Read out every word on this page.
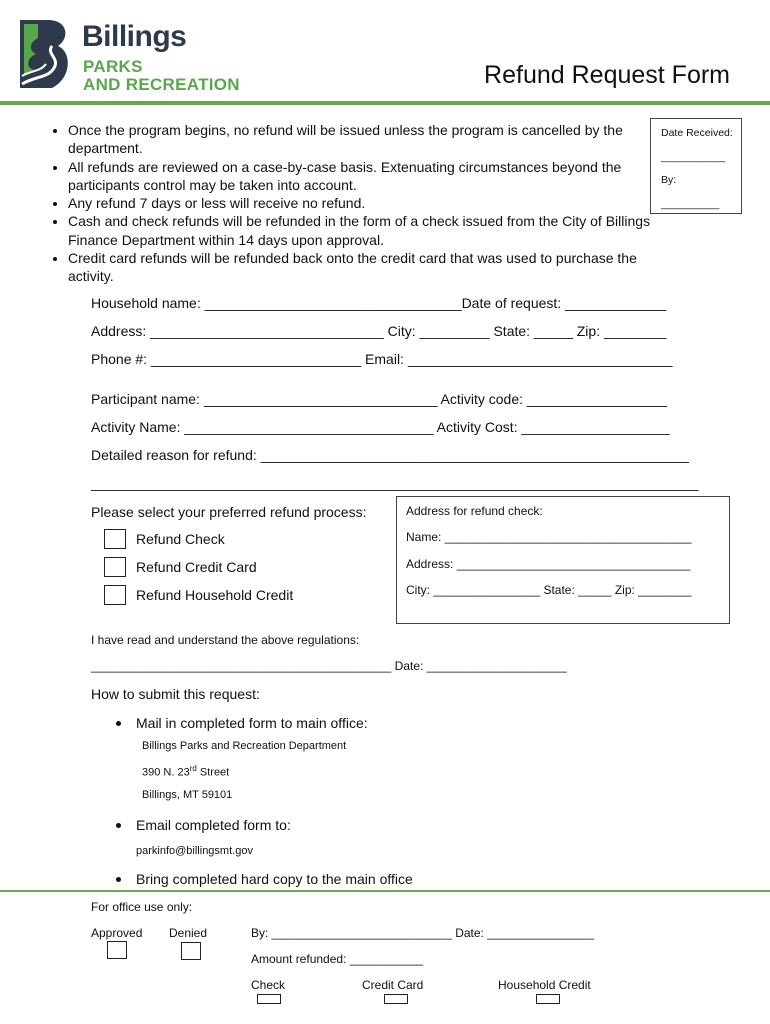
Billings
PARKS
AND RECREATION	Refund Request Form
Date Received:
___________
By:
__________
• Once the program begins, no refund will be issued unless the program is cancelled by the department.
• All refunds are reviewed on a case-by-case basis. Extenuating circumstances beyond the participants control may be taken into account.
• Any refund 7 days or less will receive no refund.
• Cash and check refunds will be refunded in the form of a check issued from the City of Billings Finance Department within 14 days upon approval.
• Credit card refunds will be refunded back onto the credit card that was used to purchase the activity.
Household name: _________________________________Date of request: _____________
Address: ______________________________ City: _________ State: _____ Zip: ________
Phone #: ___________________________ Email: __________________________________
Participant name: ______________________________ Activity code: __________________
Activity Name: ________________________________ Activity Cost: ___________________
Detailed reason for refund: _______________________________________________________
______________________________________________________________________________
Please select your preferred refund process:
Refund Check
Refund Credit Card
Refund Household Credit
Address for refund check:
Name: _____________________________________
Address: ___________________________________
City: ________________ State: _____ Zip: ________
I have read and understand the above regulations:
_____________________________________________ Date: _____________________
How to submit this request:
Mail in completed form to main office:
Billings Parks and Recreation Department
390 N. 23rd Street
Billings, MT 59101
Email completed form to:
parkinfo@billingsmt.gov
Bring completed hard copy to the main office
For office use only:
Approved Denied	By: ___________________________ Date: ________________
Amount refunded: ___________
Check	Credit Card	Household Credit
